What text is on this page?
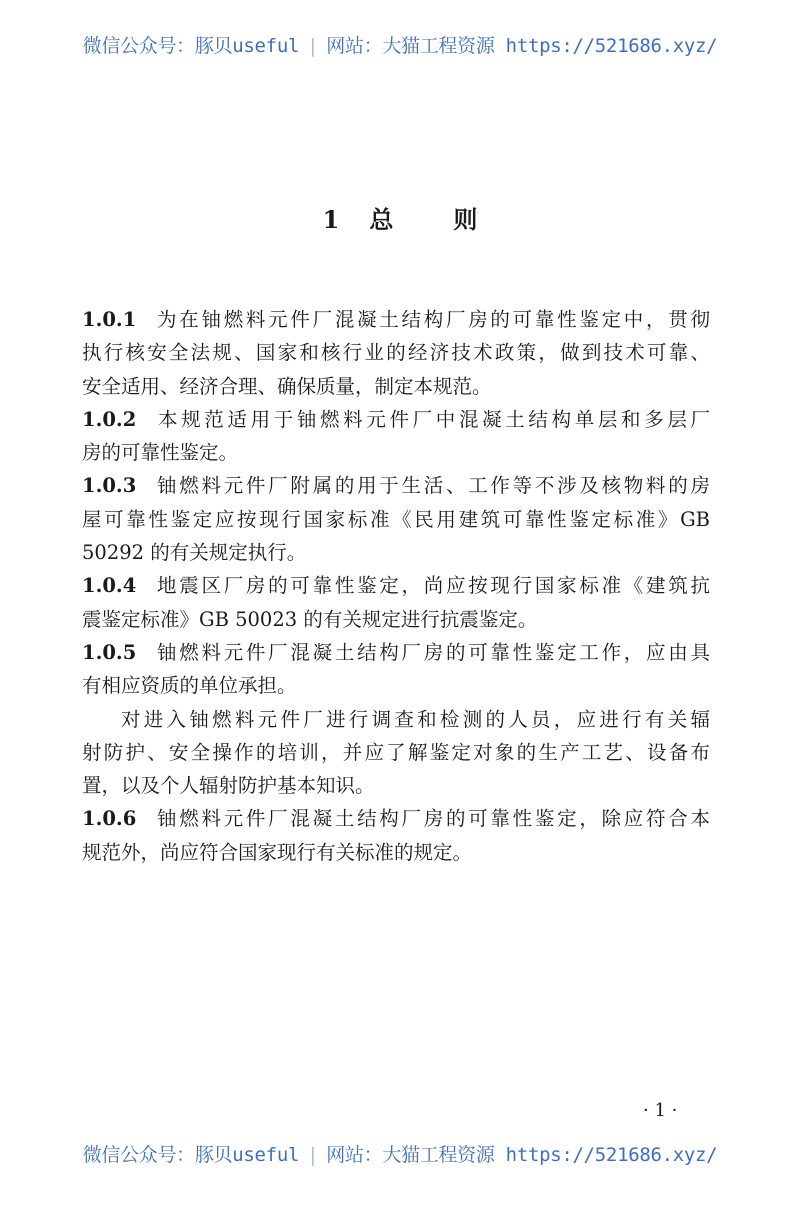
微信公众号：豚贝useful | 网站：大猫工程资源 https://521686.xyz/
1 总	则
1.0.1 为在铀燃料元件厂混凝土结构厂房的可靠性鉴定中，贯彻
执行核安全法规、国家和核行业的经济技术政策，做到技术可靠、
安全适用、经济合理、确保质量，制定本规范。
1.0.2 本规范适用于铀燃料元件厂中混凝土结构单层和多层厂
房的可靠性鉴定。
1.0.3 铀燃料元件厂附属的用于生活、工作等不涉及核物料的房
屋可靠性鉴定应按现行国家标准《民用建筑可靠性鉴定标准》GB
50292 的有关规定执行。
1.0.4 地震区厂房的可靠性鉴定，尚应按现行国家标准《建筑抗
震鉴定标准》GB 50023 的有关规定进行抗震鉴定。
1.0.5 铀燃料元件厂混凝土结构厂房的可靠性鉴定工作，应由具
有相应资质的单位承担。
对进入铀燃料元件厂进行调查和检测的人员，应进行有关辐
射防护、安全操作的培训，并应了解鉴定对象的生产工艺、设备布
置，以及个人辐射防护基本知识。
1.0.6 铀燃料元件厂混凝土结构厂房的可靠性鉴定，除应符合本
规范外，尚应符合国家现行有关标准的规定。
· 1 ·
微信公众号：豚贝useful | 网站：大猫工程资源 https://521686.xyz/
